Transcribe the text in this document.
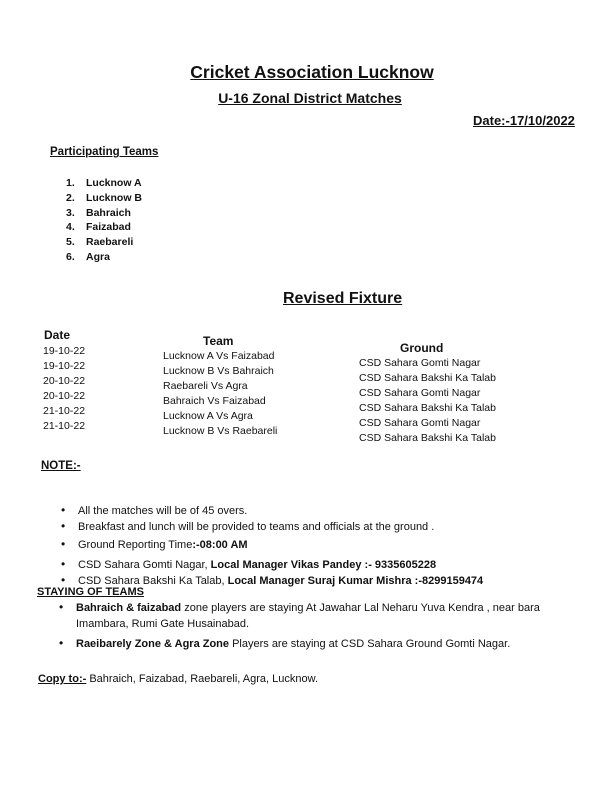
Cricket Association Lucknow
U-16 Zonal District Matches
Date:-17/10/2022
Participating Teams
1. Lucknow A
2. Lucknow B
3. Bahraich
4. Faizabad
5. Raebareli
6. Agra
Revised Fixture
Date	Team	Ground
19-10-22
19-10-22
20-10-22
20-10-22
21-10-22
21-10-22
Lucknow A Vs Faizabad
Lucknow B Vs Bahraich
Raebareli Vs Agra
Bahraich Vs Faizabad
Lucknow A Vs Agra
Lucknow B Vs Raebareli
CSD Sahara Gomti Nagar
CSD Sahara Bakshi Ka Talab
CSD Sahara Gomti Nagar
CSD Sahara Bakshi Ka Talab
CSD Sahara Gomti Nagar
CSD Sahara Bakshi Ka Talab
NOTE:-
• All the matches will be of 45 overs.
• Breakfast and lunch will be provided to teams and officials at the ground .
• Ground Reporting Time:-08:00 AM
• CSD Sahara Gomti Nagar, Local Manager Vikas Pandey :- 9335605228
• CSD Sahara Bakshi Ka Talab, Local Manager Suraj Kumar Mishra :-8299159474
STAYING OF TEAMS
• Bahraich & faizabad zone players are staying At Jawahar Lal Neharu Yuva Kendra , near bara
Imambara, Rumi Gate Husainabad.
• Raeibarely Zone & Agra Zone Players are staying at CSD Sahara Ground Gomti Nagar.
Copy to:- Bahraich, Faizabad, Raebareli, Agra, Lucknow.
